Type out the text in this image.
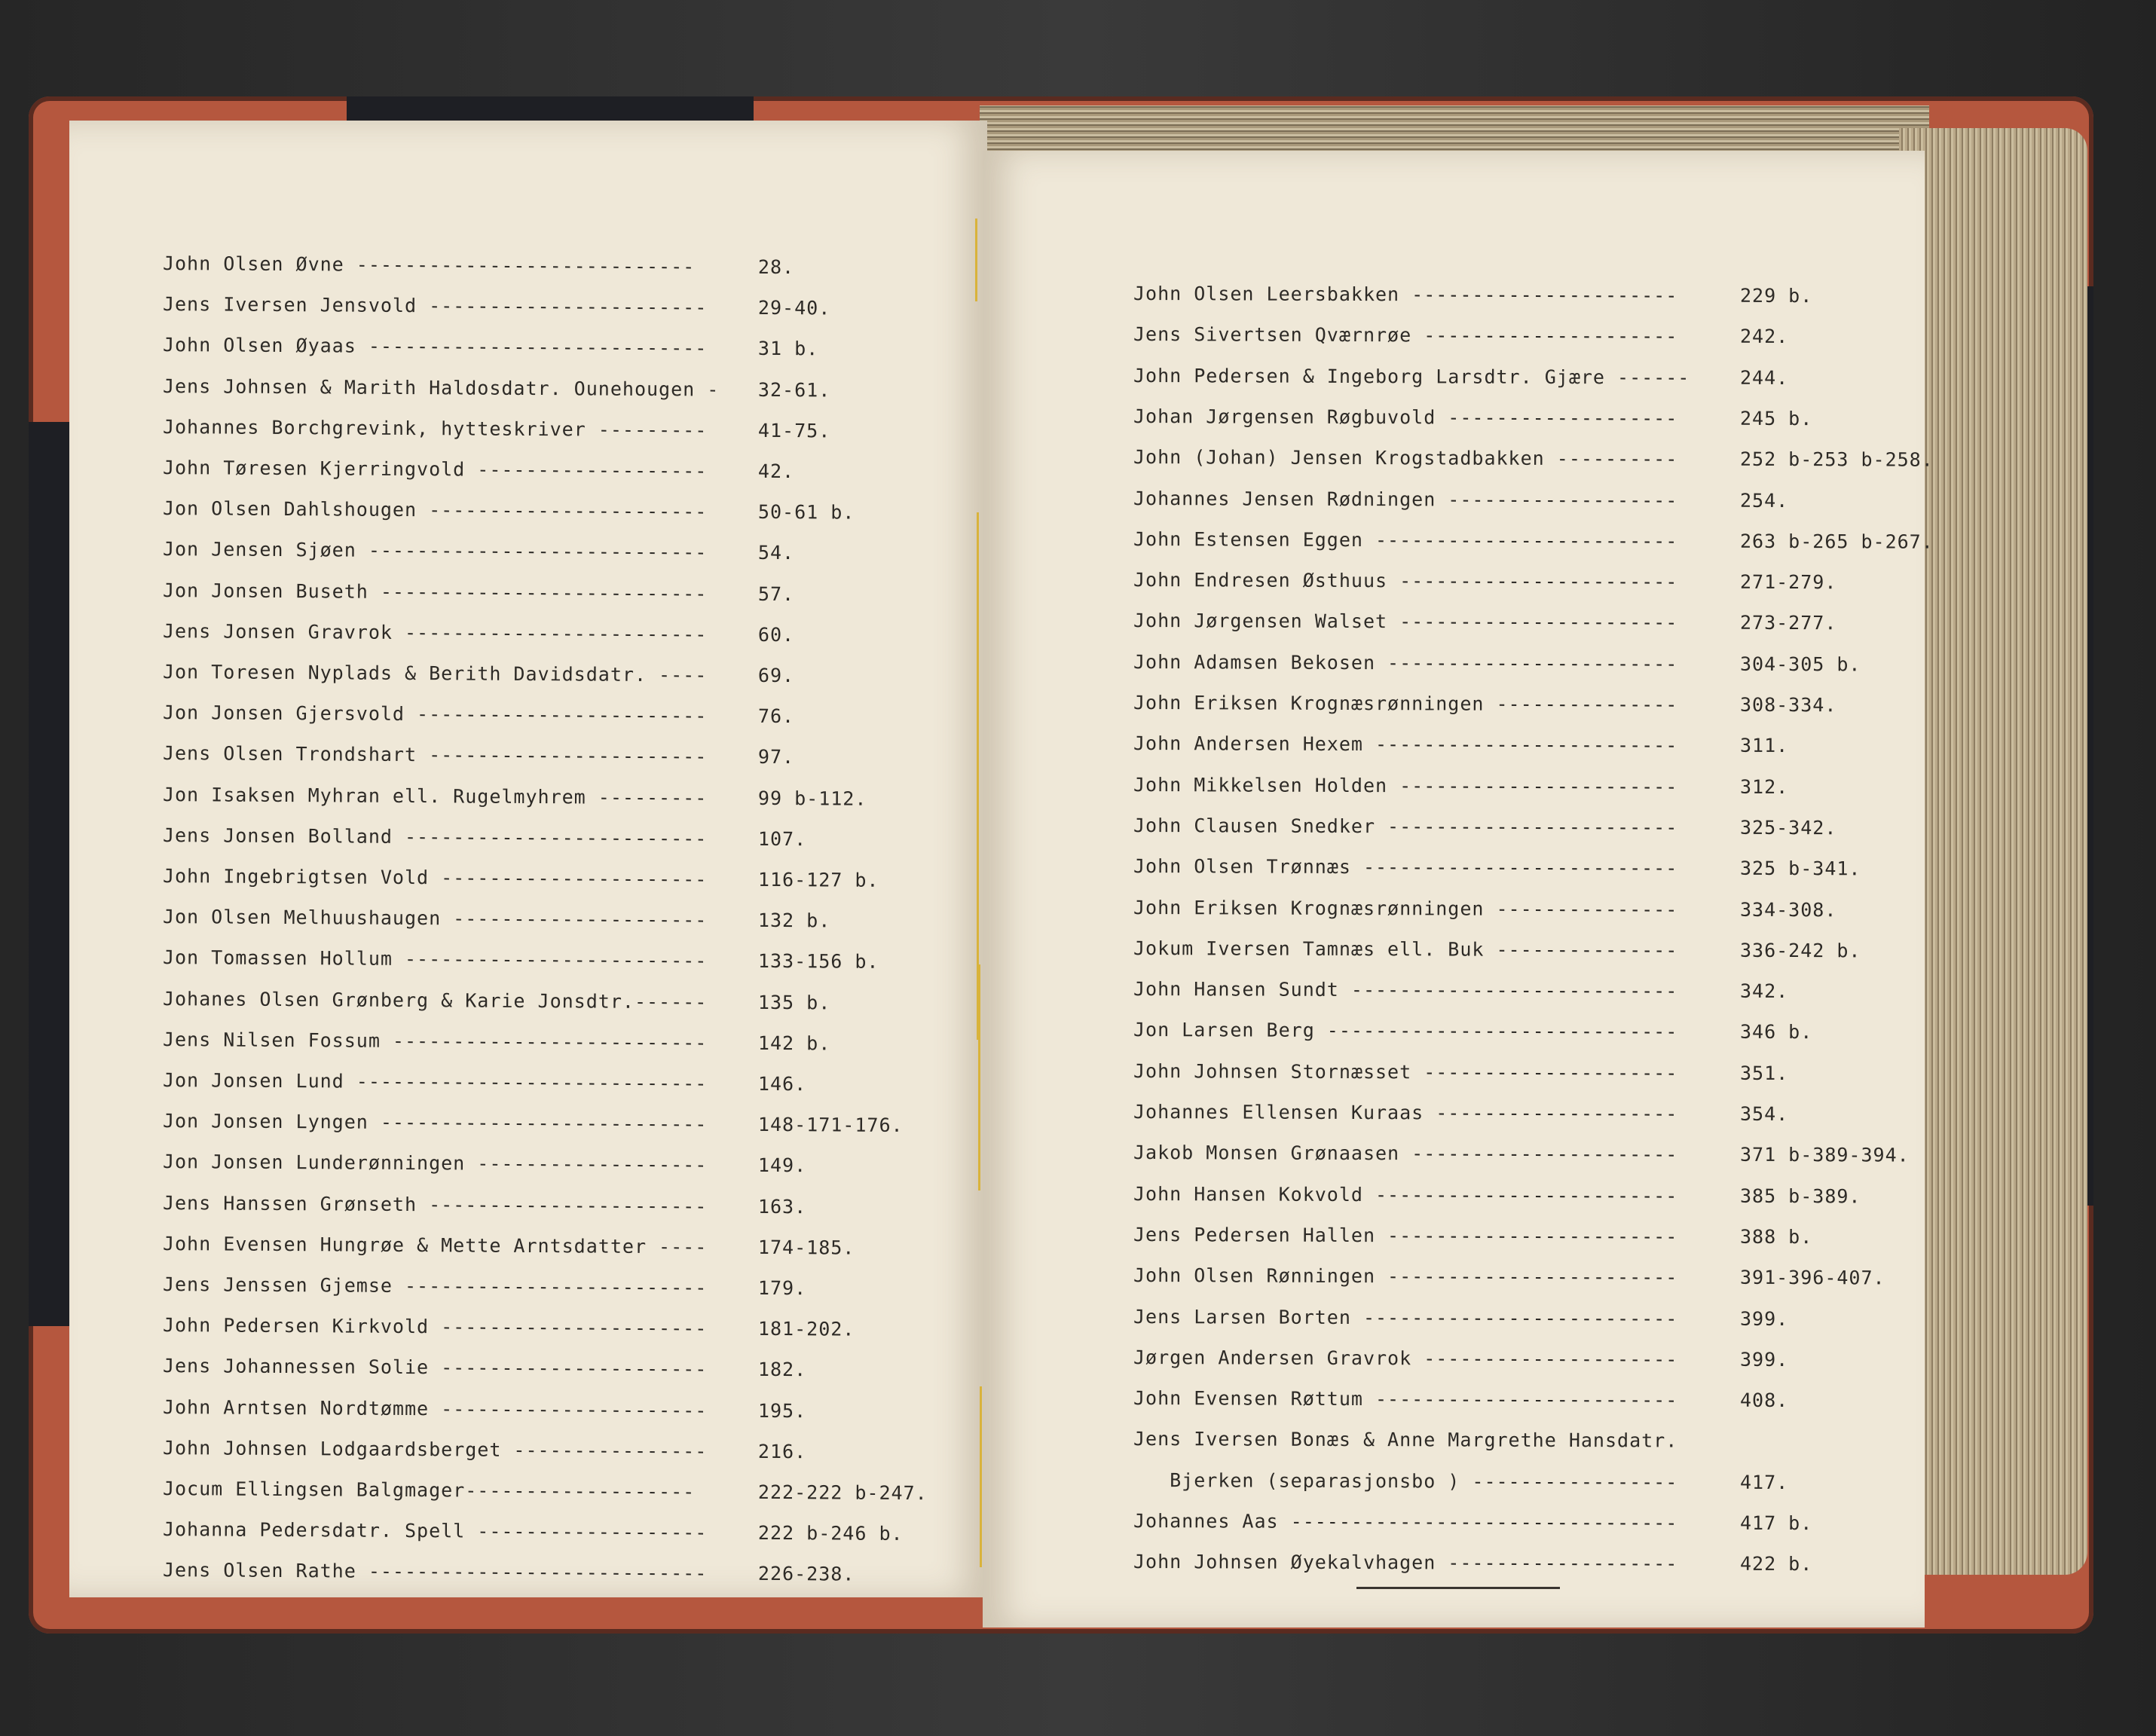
John Olsen Øvne ----------------------------	28.
Jens Iversen Jensvold -----------------------	29-40.
John Olsen Øyaas ----------------------------	31 b.
Jens Johnsen & Marith Haldosdatr. Ounehougen - 32-61.
Johannes Borchgrevink, hytteskriver ---------	41-75.
John Tøresen Kjerringvold -------------------	42.
Jon Olsen Dahlshougen -----------------------	50-61 b.
Jon Jensen Sjøen ----------------------------	54.
Jon Jonsen Buseth ---------------------------	57.
Jens Jonsen Gravrok -------------------------	60.
Jon Toresen Nyplads & Berith Davidsdatr. ----	69.
Jon Jonsen Gjersvold ------------------------	76.
Jens Olsen Trondshart -----------------------	97.
Jon Isaksen Myhran ell. Rugelmyhrem ---------	99 b-112.
Jens Jonsen Bolland -------------------------	107.
John Ingebrigtsen Vold ----------------------	116-127 b.
Jon Olsen Melhuushaugen ---------------------	132 b.
Jon Tomassen Hollum -------------------------	133-156 b.
Johanes Olsen Grønberg & Karie Jonsdtr.------	135 b.
Jens Nilsen Fossum --------------------------	142 b.
Jon Jonsen Lund -----------------------------	146.
Jon Jonsen Lyngen ---------------------------	148-171-176.
Jon Jonsen Lunderønningen -------------------	149.
Jens Hanssen Grønseth -----------------------	163.
John Evensen Hungrøe & Mette Arntsdatter ----	174-185.
Jens Jenssen Gjemse -------------------------	179.
John Pedersen Kirkvold ----------------------	181-202.
Jens Johannessen Solie ----------------------	182.
John Arntsen Nordtømme ----------------------	195.
John Johnsen Lodgaardsberget ----------------	216.
Jocum Ellingsen Balgmager-------------------	222-222 b-247.
Johanna Pedersdatr. Spell -------------------	222 b-246 b.
Jens Olsen Rathe ----------------------------	226-238.
John Olsen Leersbakken ----------------------	229 b.
Jens Sivertsen Qværnrøe ---------------------	242.
John Pedersen & Ingeborg Larsdtr. Gjære ------	244.
Johan Jørgensen Røgbuvold -------------------	245 b.
John (Johan) Jensen Krogstadbakken ----------	252 b-253 b-258.
Johannes Jensen Rødningen -------------------	254.
John Estensen Eggen -------------------------	263 b-265 b-267.
John Endresen Østhuus -----------------------	271-279.
John Jørgensen Walset -----------------------	273-277.
John Adamsen Bekosen ------------------------	304-305 b.
John Eriksen Krognæsrønningen ---------------	308-334.
John Andersen Hexem -------------------------	311.
John Mikkelsen Holden -----------------------	312.
John Clausen Snedker ------------------------	325-342.
John Olsen Trønnæs --------------------------	325 b-341.
John Eriksen Krognæsrønningen ---------------	334-308.
Jokum Iversen Tamnæs ell. Buk ---------------	336-242 b.
John Hansen Sundt ---------------------------	342.
Jon Larsen Berg -----------------------------	346 b.
John Johnsen Stornæsset ---------------------	351.
Johannes Ellensen Kuraas --------------------	354.
Jakob Monsen Grønaasen ----------------------	371 b-389-394.
John Hansen Kokvold -------------------------	385 b-389.
Jens Pedersen Hallen ------------------------	388 b.
John Olsen Rønningen ------------------------	391-396-407.
Jens Larsen Borten --------------------------	399.
Jørgen Andersen Gravrok ---------------------	399.
John Evensen Røttum -------------------------	408.
Jens Iversen Bonæs & Anne Margrethe Hansdatr.
Bjerken (separasjonsbo ) -----------------	417.
Johannes Aas --------------------------------	417 b.
John Johnsen Øyekalvhagen -------------------	422 b.
